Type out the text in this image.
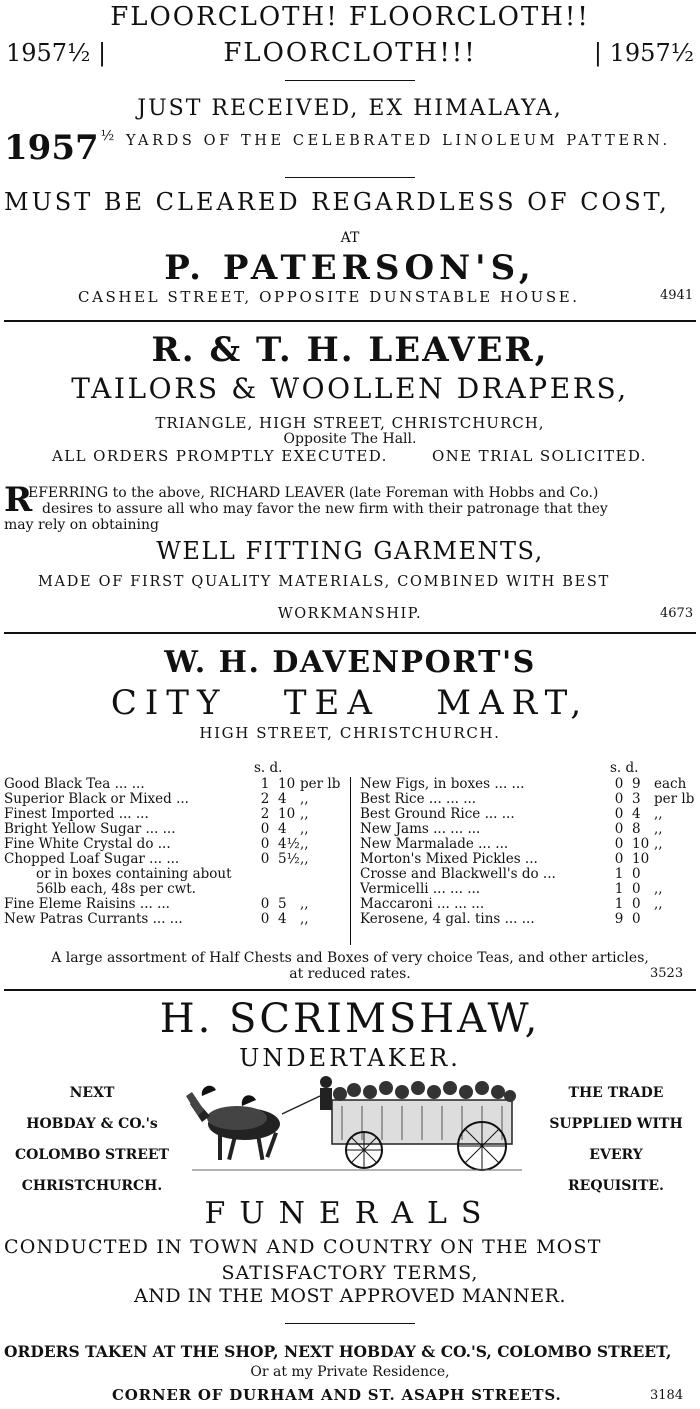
FLOORCLOTH! FLOORCLOTH!!
1957½ |	FLOORCLOTH!!!	| 1957½
JUST RECEIVED, EX HIMALAYA,
1957 ½ YARDS OF THE CELEBRATED LINOLEUM PATTERN.
MUST BE CLEARED REGARDLESS OF COST,
AT
P. PATERSON'S,
CASHEL STREET, OPPOSITE DUNSTABLE HOUSE.	4941
R. & T. H. LEAVER,
TAILORS & WOOLLEN DRAPERS,
TRIANGLE, HIGH STREET, CHRISTCHURCH,
Opposite The Hall.
ALL ORDERS PROMPTLY EXECUTED.	ONE TRIAL SOLICITED.
R
EFERRING to the above, RICHARD LEAVER (late Foreman with Hobbs and Co.)
desires to assure all who may favor the new firm with their patronage that they
may rely on obtaining
WELL FITTING GARMENTS,
MADE OF FIRST QUALITY MATERIALS, COMBINED WITH BEST
WORKMANSHIP.	4673
W. H. DAVENPORT'S
CITY   TEA   MART,
HIGH STREET, CHRISTCHURCH.
s. d.	s. d.
Good Black Tea ... ...	1 10 per lb
Superior Black or Mixed ...	2 4 ,,
Finest Imported ... ...	2 10 ,,
Bright Yellow Sugar ... ...	0 4 ,,
Fine White Crystal do ...	0 4½ ,,
Chopped Loaf Sugar ... ...	0 5½ ,,
or in boxes containing about
56lb each, 48s per cwt.
Fine Eleme Raisins ... ...	0 5 ,,
New Patras Currants ... ...	0 4 ,,
New Figs, in boxes ... ...	0 9 each
Best Rice ... ... ...	0 3 per lb
Best Ground Rice ... ...	0 4 ,,
New Jams ... ... ...	0 8 ,,
New Marmalade ... ...	0 10 ,,
Morton's Mixed Pickles ...	0 10
Crosse and Blackwell's do ...	1 0
Vermicelli ... ... ...	1 0 ,,
Maccaroni ... ... ...	1 0 ,,
Kerosene, 4 gal. tins ... ...	9 0
A large assortment of Half Chests and Boxes of very choice Teas, and other articles,
at reduced rates.	3523
H. SCRIMSHAW,
UNDERTAKER.
NEXT
HOBDAY & CO.'s
COLOMBO STREET
CHRISTCHURCH.
THE TRADE
SUPPLIED WITH
EVERY
REQUISITE.
FUNERALS
CONDUCTED IN TOWN AND COUNTRY ON THE MOST
SATISFACTORY TERMS,
AND IN THE MOST APPROVED MANNER.
ORDERS TAKEN AT THE SHOP, NEXT HOBDAY & CO.'S, COLOMBO STREET,
Or at my Private Residence,
CORNER OF DURHAM AND ST. ASAPH STREETS.	3184
